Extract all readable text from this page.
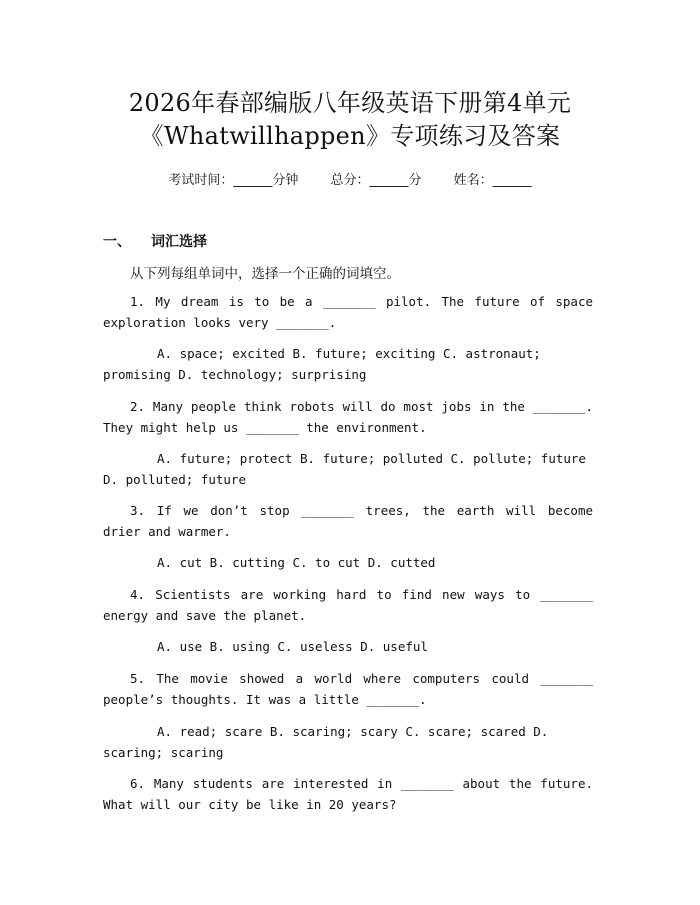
2026年春部编版八年级英语下册第4单元
《Whatwillhappen》专项练习及答案
考试时间：______分钟 总分：______分 姓名：______
一、 词汇选择
从下列每组单词中，选择一个正确的词填空。
1. My dream is to be a _______ pilot. The future of space exploration looks very _______.
A. space; excited B. future; exciting C. astronaut; promising D. technology; surprising
2. Many people think robots will do most jobs in the _______. They might help us _______ the environment.
A. future; protect B. future; polluted C. pollute; future D. polluted; future
3. If we don’t stop _______ trees, the earth will become drier and warmer.
A. cut B. cutting C. to cut D. cutted
4. Scientists are working hard to find new ways to _______ energy and save the planet.
A. use B. using C. useless D. useful
5. The movie showed a world where computers could _______ people’s thoughts. It was a little _______.
A. read; scare B. scaring; scary C. scare; scared D. scaring; scaring
6. Many students are interested in _______ about the future. What will our city be like in 20 years?
